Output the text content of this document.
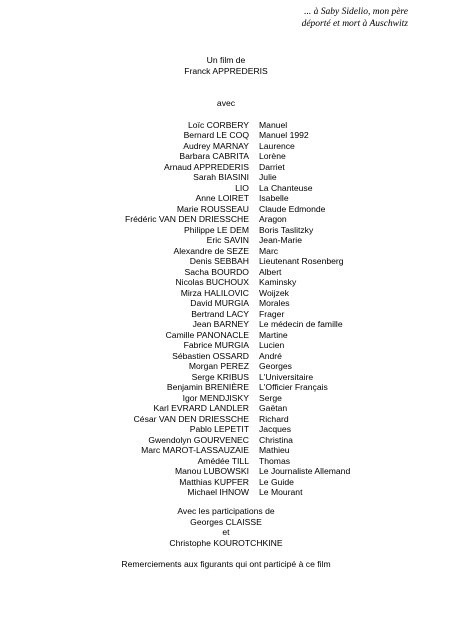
... à Saby Sidelio, mon père
déporté et mort à Auschwitz
Un film de
Franck APPREDERIS
avec
Loïc CORBERY Manuel
Bernard LE COQ Manuel 1992
Audrey MARNAY Laurence
Barbara CABRITA Lorène
Arnaud APPREDERIS Darriet
Sarah BIASINI Julie
LIO La Chanteuse
Anne LOIRET Isabelle
Marie ROUSSEAU Claude Edmonde
Frédéric VAN DEN DRIESSCHE Aragon
Philippe LE DEM Boris Taslitzky
Eric SAVIN Jean-Marie
Alexandre de SEZE Marc
Denis SEBBAH Lieutenant Rosenberg
Sacha BOURDO Albert
Nicolas BUCHOUX Kaminsky
Mirza HALILOVIC Woijzek
David MURGIA Morales
Bertrand LACY Frager
Jean BARNEY Le médecin de famille
Camille PANONACLE Martine
Fabrice MURGIA Lucien
Sébastien OSSARD André
Morgan PEREZ Georges
Serge KRIBUS L'Universitaire
Benjamin BRENIÈRE L'Officier Français
Igor MENDJISKY Serge
Karl EVRARD LANDLER Gaëtan
César VAN DEN DRIESSCHE Richard
Pablo LEPETIT Jacques
Gwendolyn GOURVENEC Christina
Marc MAROT-LASSAUZAIE Mathieu
Amédée TILL Thomas
Manou LUBOWSKI Le Journaliste Allemand
Matthias KUPFER Le Guide
Michael IHNOW Le Mourant
Avec les participations de
Georges CLAISSE
et
Christophe KOUROTCHKINE
Remerciements aux figurants qui ont participé à ce film
